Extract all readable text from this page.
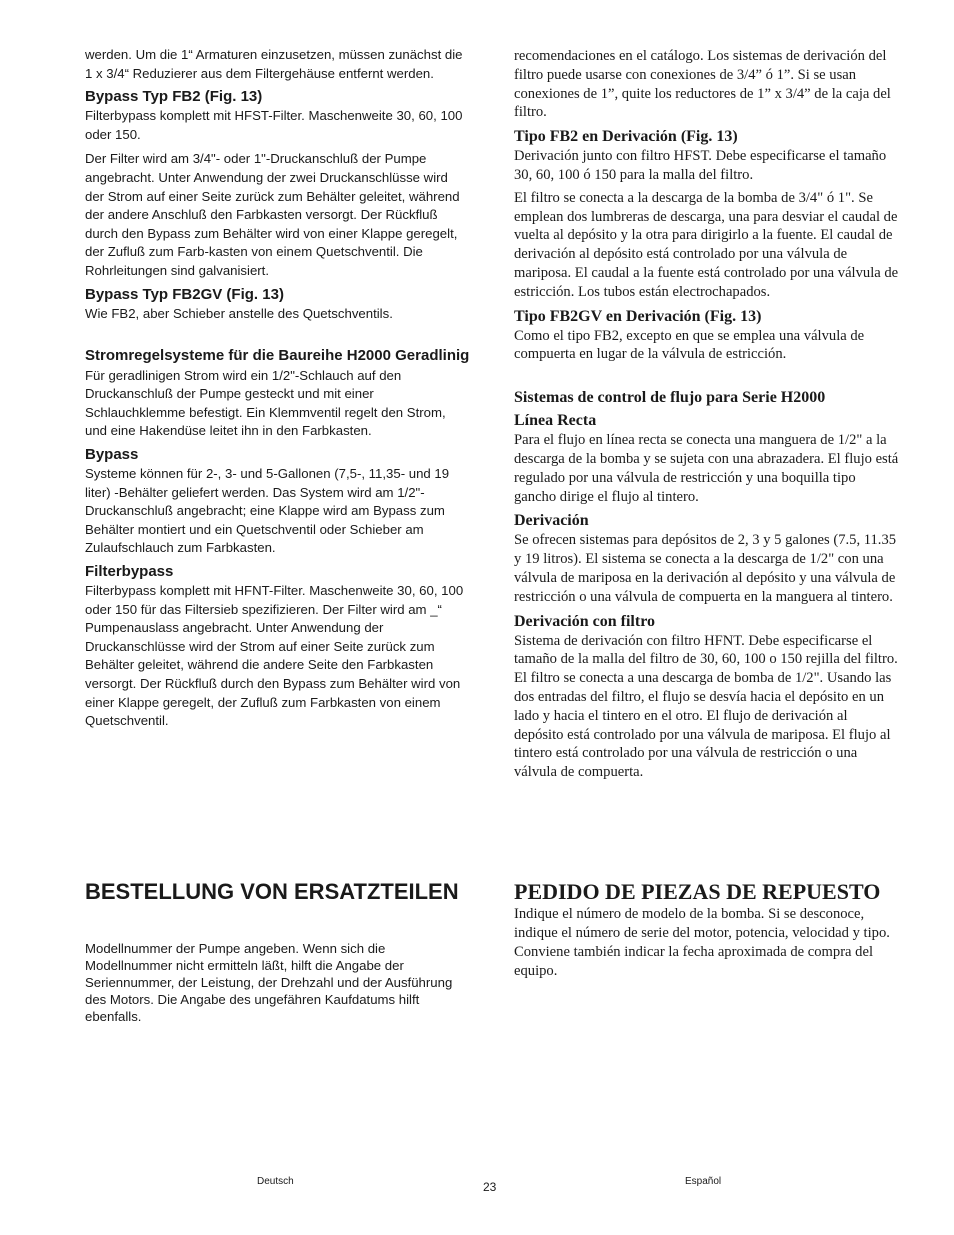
werden. Um die 1“ Armaturen einzusetzen, müssen zunächst die 1 x 3/4“ Reduzierer aus dem Filtergehäuse entfernt werden.

Bypass Typ FB2 (Fig. 13)

Filterbypass komplett mit HFST-Filter. Maschenweite 30, 60, 100 oder 150.

Der Filter wird am 3/4"- oder 1"-Druckanschluß der Pumpe angebracht. Unter Anwendung der zwei Druckanschlüsse wird der Strom auf einer Seite zurück zum Behälter geleitet, während der andere Anschluß den Farbkasten versorgt. Der Rückfluß durch den Bypass zum Behälter wird von einer Klappe geregelt, der Zufluß zum Farb-kasten von einem Quetschventil. Die Rohrleitungen sind galvanisiert.

Bypass Typ FB2GV (Fig. 13)

Wie FB2, aber Schieber anstelle des Quetschventils.

Stromregelsysteme für die Baureihe H2000 Geradlinig

Für geradlinigen Strom wird ein 1/2"-Schlauch auf den Druckanschluß der Pumpe gesteckt und mit einer Schlauchklemme befestigt. Ein Klemmventil regelt den Strom, und eine Hakendüse leitet ihn in den Farbkasten.

Bypass

Systeme können für 2-, 3- und 5-Gallonen (7,5-, 11,35- und 19 liter) -Behälter geliefert werden. Das System wird am 1/2"-Druckanschluß angebracht; eine Klappe wird am Bypass zum Behälter montiert und ein Quetschventil oder Schieber am Zulaufschlauch zum Farbkasten.

Filterbypass

Filterbypass komplett mit HFNT-Filter. Maschenweite 30, 60, 100 oder 150 für das Filtersieb spezifizieren. Der Filter wird am _“ Pumpenauslass angebracht. Unter Anwendung der Druckanschlüsse wird der Strom auf einer Seite zurück zum Behälter geleitet, während die andere Seite den Farbkasten versorgt. Der Rückfluß durch den Bypass zum Behälter wird von einer Klappe geregelt, der Zufluß zum Farbkasten von einem Quetschventil.

recomendaciones en el catálogo. Los sistemas de derivación del filtro puede usarse con conexiones de 3/4” ó 1”. Si se usan conexiones de 1”, quite los reductores de 1” x 3/4” de la caja del filtro.

Tipo FB2 en Derivación (Fig. 13)

Derivación junto con filtro HFST. Debe especificarse el tamaño 30, 60, 100 ó 150 para la malla del filtro.

El filtro se conecta a la descarga de la bomba de 3/4" ó 1". Se emplean dos lumbreras de descarga, una para desviar el caudal de vuelta al depósito y la otra para dirigirlo a la fuente. El caudal de derivación al depósito está controlado por una válvula de mariposa. El caudal a la fuente está controlado por una válvula de estricción. Los tubos están electrochapados.

Tipo FB2GV en Derivación (Fig. 13)

Como el tipo FB2, excepto en que se emplea una válvula de compuerta en lugar de la válvula de estricción.

Sistemas de control de flujo para Serie H2000
Línea Recta

Para el flujo en línea recta se conecta una manguera de 1/2" a la descarga de la bomba y se sujeta con una abrazadera. El flujo está regulado por una válvula de restricción y una boquilla tipo gancho dirige el flujo al tintero.

Derivación

Se ofrecen sistemas para depósitos de 2, 3 y 5 galones (7.5, 11.35 y 19 litros). El sistema se conecta a la descarga de 1/2" con una válvula de mariposa en la derivación al depósito y una válvula de restricción o una válvula de compuerta en la manguera al tintero.

Derivación con filtro

Sistema de derivación con filtro HFNT. Debe especificarse el tamaño de la malla del filtro de 30, 60, 100 o 150 rejilla del filtro. El filtro se conecta a una descarga de bomba de 1/2". Usando las dos entradas del filtro, el flujo se desvía hacia el depósito en un lado y hacia el tintero en el otro. El flujo de derivación al depósito está controlado por una válvula de mariposa. El flujo al tintero está controlado por una válvula de restricción o una válvula de compuerta.

BESTELLUNG VON ERSATZTEILEN

Modellnummer der Pumpe angeben. Wenn sich die Modellnummer nicht ermitteln läßt, hilft die Angabe der Seriennummer, der Leistung, der Drehzahl und der Ausführung des Motors. Die Angabe des ungefähren Kaufdatums hilft ebenfalls.

PEDIDO DE PIEZAS DE REPUESTO

Indique el número de modelo de la bomba. Si se desconoce, indique el número de serie del motor, potencia, velocidad y tipo. Conviene también indicar la fecha aproximada de compra del equipo.

Deutsch	23	Español
